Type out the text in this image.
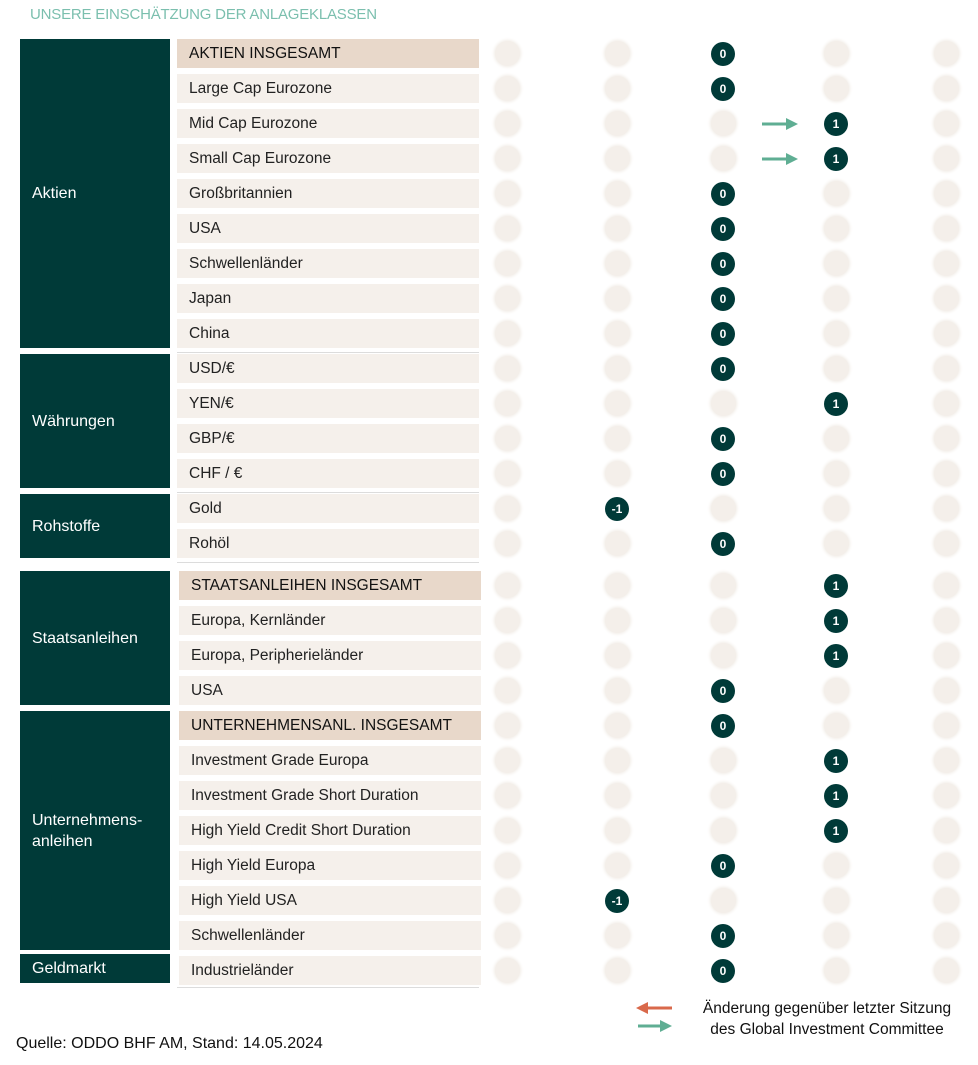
UNSERE EINSCHÄTZUNG DER ANLAGEKLASSEN
Aktien
Währungen
Rohstoffe
Staatsanleihen
Unternehmens-
anleihen
Geldmarkt
AKTIEN INSGESAMT
Large Cap Eurozone
Mid Cap Eurozone
Small Cap Eurozone
Großbritannien
USA
Schwellenländer
Japan
China
USD/€
YEN/€
GBP/€
CHF / €
Gold
Rohöl
STAATSANLEIHEN INSGESAMT
Europa, Kernländer
Europa, Peripherieländer
USA
UNTERNEHMENSANL. INSGESAMT
Investment Grade Europa
Investment Grade Short Duration
High Yield Credit Short Duration
High Yield Europa
High Yield USA
Schwellenländer
Industrieländer
0
0
1
1
0
0
0
0
0
0
1
0
0
-1
0
1
1
1
0
0
1
1
1
0
-1
0
0
Änderung gegenüber letzter Sitzung des Global Investment Committee
Quelle: ODDO BHF AM, Stand: 14.05.2024
